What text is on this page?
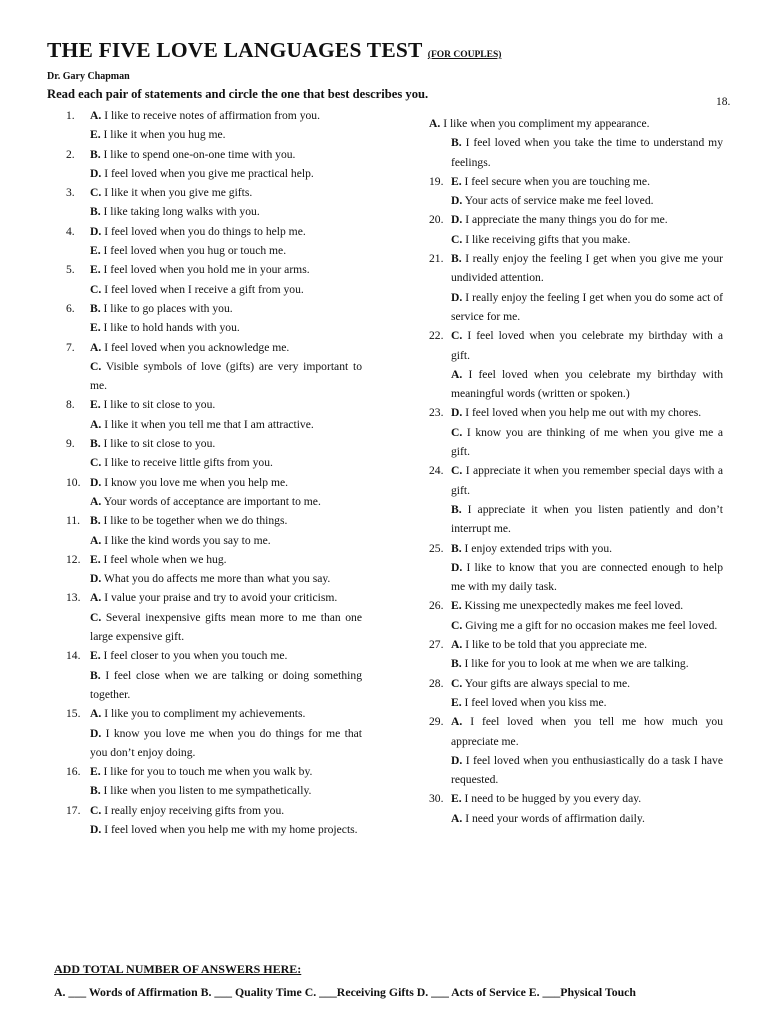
THE FIVE LOVE LANGUAGES TEST (FOR COUPLES)
Dr. Gary Chapman
Read each pair of statements and circle the one that best describes you.
18.
1. A. I like to receive notes of affirmation from you.
E. I like it when you hug me.
2. B. I like to spend one-on-one time with you.
D. I feel loved when you give me practical help.
3. C. I like it when you give me gifts.
B. I like taking long walks with you.
4. D. I feel loved when you do things to help me.
E. I feel loved when you hug or touch me.
5. E. I feel loved when you hold me in your arms.
C. I feel loved when I receive a gift from you.
6. B. I like to go places with you.
E. I like to hold hands with you.
7. A. I feel loved when you acknowledge me.
C. Visible symbols of love (gifts) are very important to me.
8. E. I like to sit close to you.
A. I like it when you tell me that I am attractive.
9. B. I like to sit close to you.
C. I like to receive little gifts from you.
10. D. I know you love me when you help me.
A. Your words of acceptance are important to me.
11. B. I like to be together when we do things.
A. I like the kind words you say to me.
12. E. I feel whole when we hug.
D. What you do affects me more than what you say.
13. A. I value your praise and try to avoid your criticism.
C. Several inexpensive gifts mean more to me than one large expensive gift.
14. E. I feel closer to you when you touch me.
B. I feel close when we are talking or doing something together.
15. A. I like you to compliment my achievements.
D. I know you love me when you do things for me that you don’t enjoy doing.
16. E. I like for you to touch me when you walk by.
B. I like when you listen to me sympathetically.
17. C. I really enjoy receiving gifts from you.
D. I feel loved when you help me with my home projects.
A. I like when you compliment my appearance.
B. I feel loved when you take the time to understand my feelings.
19. E. I feel secure when you are touching me.
D. Your acts of service make me feel loved.
20. D. I appreciate the many things you do for me.
C. I like receiving gifts that you make.
21. B. I really enjoy the feeling I get when you give me your undivided attention.
D. I really enjoy the feeling I get when you do some act of service for me.
22. C. I feel loved when you celebrate my birthday with a gift.
A. I feel loved when you celebrate my birthday with meaningful words (written or spoken.)
23. D. I feel loved when you help me out with my chores.
C. I know you are thinking of me when you give me a gift.
24. C. I appreciate it when you remember special days with a gift.
B. I appreciate it when you listen patiently and don’t interrupt me.
25. B. I enjoy extended trips with you.
D. I like to know that you are connected enough to help me with my daily task.
26. E. Kissing me unexpectedly makes me feel loved.
C. Giving me a gift for no occasion makes me feel loved.
27. A. I like to be told that you appreciate me.
B. I like for you to look at me when we are talking.
28. C. Your gifts are always special to me.
E. I feel loved when you kiss me.
29. A. I feel loved when you tell me how much you appreciate me.
D. I feel loved when you enthusiastically do a task I have requested.
30. E. I need to be hugged by you every day.
A. I need your words of affirmation daily.
ADD TOTAL NUMBER OF ANSWERS HERE:
A. ___ Words of Affirmation B. ___ Quality Time C. ___Receiving Gifts D. ___ Acts of Service E. ___Physical Touch
